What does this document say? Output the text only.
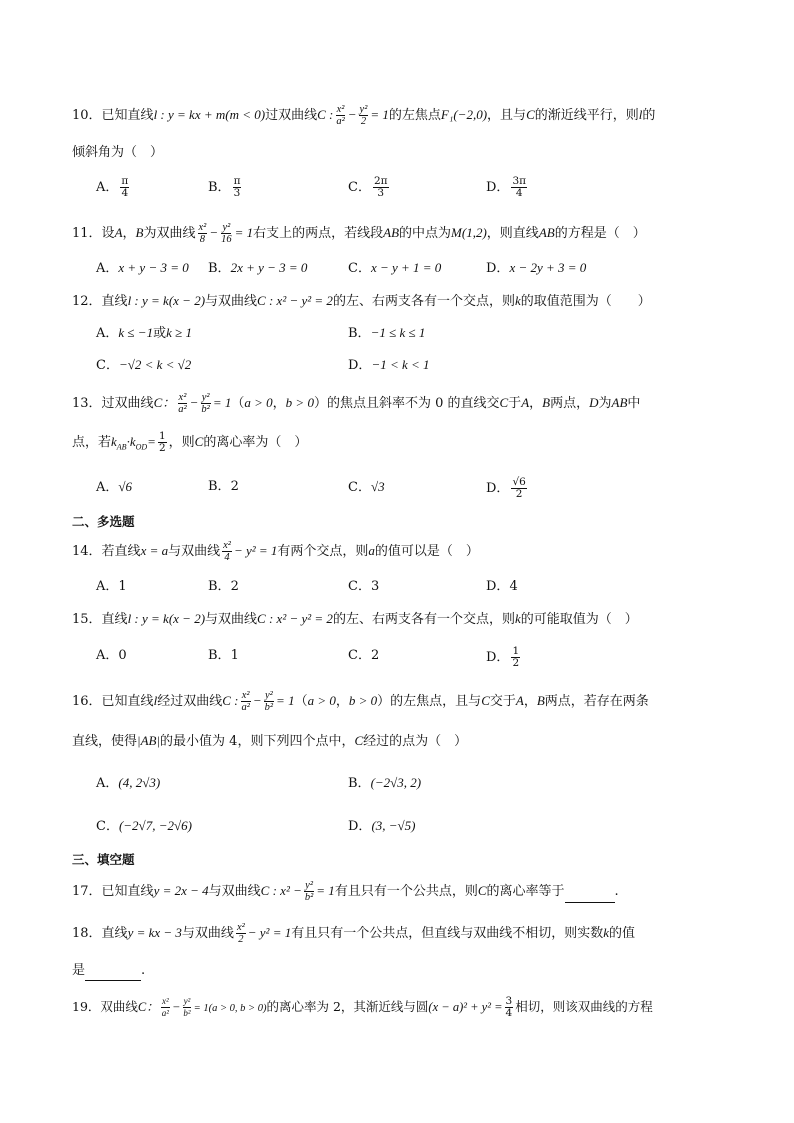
10．已知直线l : y = kx + m(m < 0)过双曲线C : $\frac{\text{x²}}{\text{a²}} - \frac{\text{y²}}{2} = 1$的左焦点F₁(−2,0)，且与C的渐近线平行，则l的
倾斜角为（　）
A． $\frac{\pi}{4}$	B． $\frac{\pi}{3}$	C． $\frac{2\pi}{3}$	D． $\frac{3\pi}{4}$
11．设A，B为双曲线 $\frac{\text{x²}}{8} - \frac{\text{y²}}{16} = 1$右支上的两点，若线段AB的中点为M(1,2)，则直线AB的方程是（　）
A．x + y − 3 = 0 B．2x + y − 3 = 0	C．x − y + 1 = 0	D．x − 2y + 3 = 0
12．直线l : y = k(x − 2)与双曲线C : x² − y² = 2的左、右两支各有一个交点，则k的取值范围为（　　）
A．k ≤ −1或k ≥ 1	B．−1 ≤ k ≤ 1
C．−√2 < k < √2	D．−1 < k < 1
13．过双曲线C： $\frac{\text{x²}}{\text{a²}} - \frac{\text{y²}}{\text{b²}} = 1(a > 0$，b > 0）的焦点且斜率不为 0 的直线交C于A，B两点，D为AB中
点，若$k_{AB}\cdot k_{OD}= \frac{1}{2}$ ，则C的离心率为（　）
A．√6	B．2	C．√3	D． $\frac{√6}{2}$
二、多选题
14．若直线x = a与双曲线 $\frac{\text{x²}}{4} - y^2 = 1$有两个交点，则a的值可以是（　）
A．1	B．2	C．3	D．4
15．直线l : y = k(x − 2)与双曲线C : x² − y² = 2的左、右两支各有一个交点，则k的可能取值为（　）
A．0	B．1	C．2	D． $\frac{1}{2}$
16．已知直线l经过双曲线C : $\frac{\text{x²}}{\text{a²}} - \frac{\text{y²}}{\text{b²}} = 1(a > 0$，b > 0）的左焦点，且与C交于A，B两点，若存在两条
直线，使得|AB|的最小值为 4，则下列四个点中，C经过的点为（　）
A．(4, 2√3)	B．(−2√3, 2)
C．(−2√7, −2√6)	D．(3, −√5)
三、填空题
17．已知直线y = 2x − 4与双曲线C : $x^2 - \frac{\text{y²}}{\text{b²}} = 1$有且只有一个公共点，则C的离心率等于	.
18．直线y = kx − 3与双曲线 $\frac{\text{x²}}{2} - y^2 = 1$有且只有一个公共点，但直线与双曲线不相切，则实数k的值
是	.
19．双曲线C： $\frac{\text{x²}}{\text{a²}} - \frac{\text{y²}}{\text{b²}} = 1(a > 0$, b > 0)的离心率为 2，其渐近线与圆$(x - a)^2 + y^2 = \frac{3}{4}$ 相切，则该双曲线的方程
